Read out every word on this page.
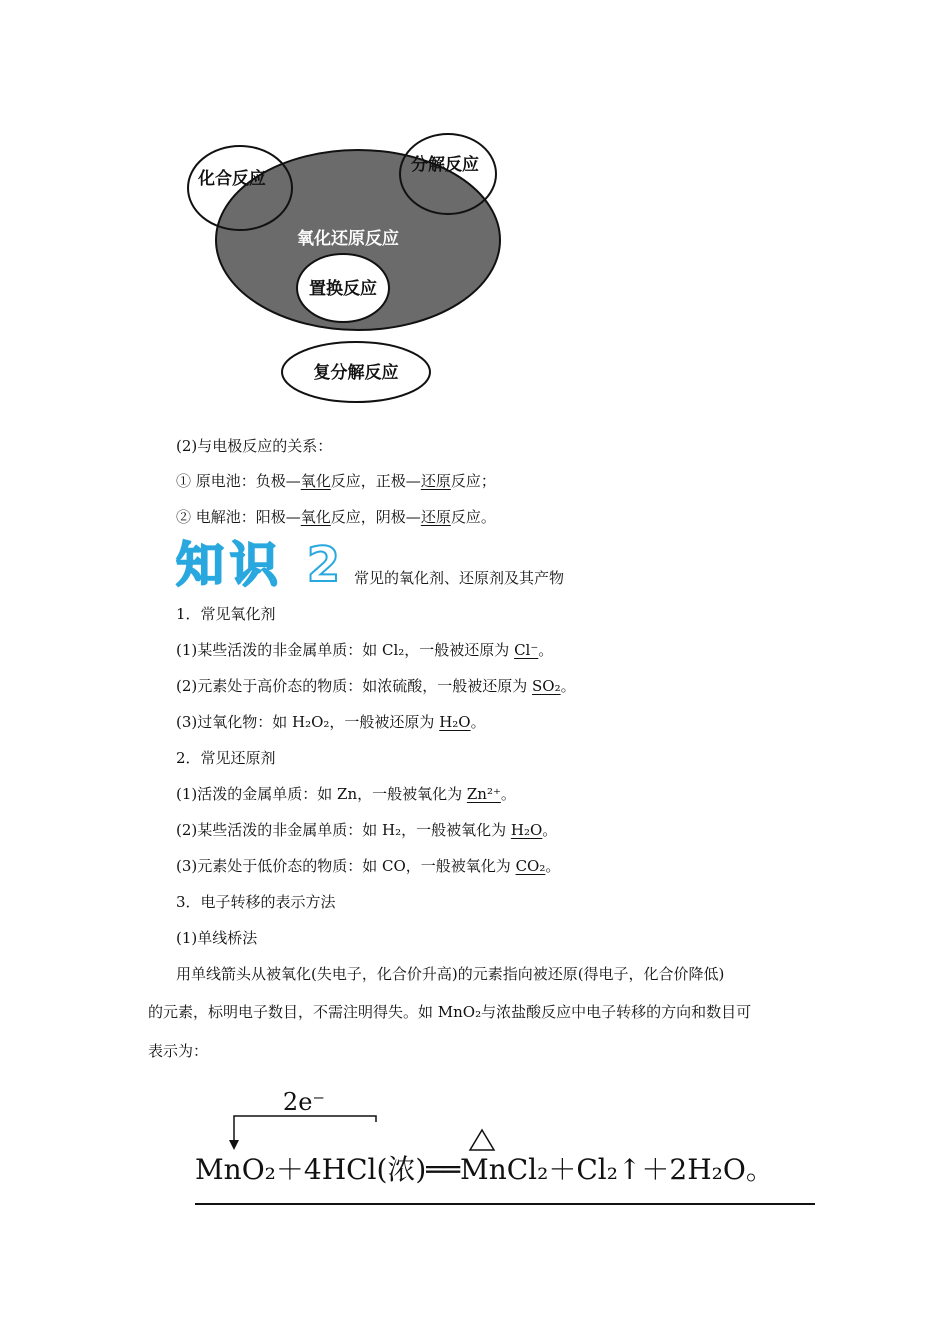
化合反应
分解反应
氧化还原反应
置换反应
复分解反应
(2)与电极反应的关系：
① 原电池：负极—氧化反应，正极—还原反应；
② 电解池：阳极—氧化反应，阴极—还原反应。
知识 2 常见的氧化剂、还原剂及其产物
1．常见氧化剂
(1)某些活泼的非金属单质：如 Cl₂，一般被还原为 Cl⁻。
(2)元素处于高价态的物质：如浓硫酸，一般被还原为 SO₂。
(3)过氧化物：如 H₂O₂，一般被还原为 H₂O。
2．常见还原剂
(1)活泼的金属单质：如 Zn，一般被氧化为 Zn²⁺。
(2)某些活泼的非金属单质：如 H₂，一般被氧化为 H₂O。
(3)元素处于低价态的物质：如 CO，一般被氧化为 CO₂。
3．电子转移的表示方法
(1)单线桥法
用单线箭头从被氧化(失电子，化合价升高)的元素指向被还原(得电子，化合价降低)
的元素，标明电子数目，不需注明得失。如 MnO₂与浓盐酸反应中电子转移的方向和数目可
表示为：
2e⁻
MnO₂＋4HCl(浓)══MnCl₂＋Cl₂↑＋2H₂O。
